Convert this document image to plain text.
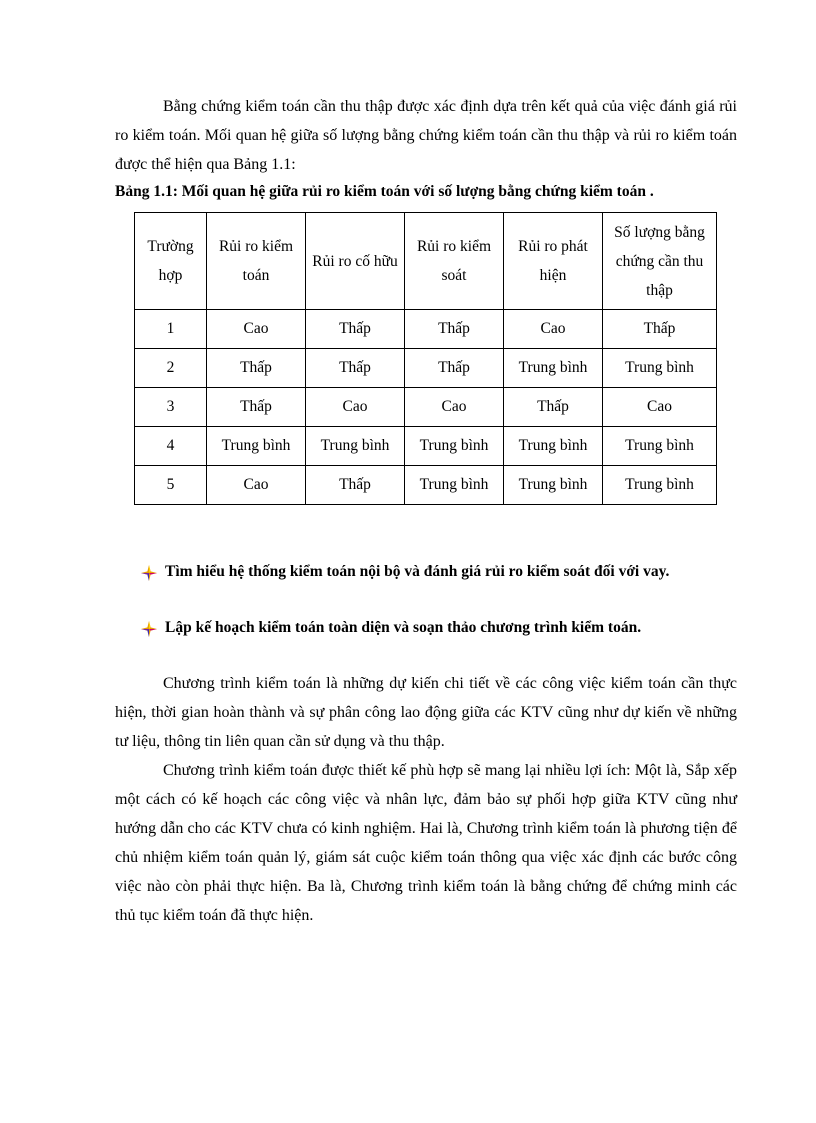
Bằng chứng kiểm toán cần thu thập được xác định dựa trên kết quả của việc đánh giá rủi ro kiểm toán. Mối quan hệ giữa số lượng bằng chứng kiểm toán cần thu thập và rủi ro kiểm toán được thể hiện qua Bảng 1.1:

Bảng 1.1: Mối quan hệ giữa rủi ro kiểm toán với số lượng bằng chứng kiểm toán .

Trường hợp	Rủi ro kiểm toán	Rủi ro cố hữu	Rủi ro kiểm soát	Rủi ro phát hiện	Số lượng bằng chứng cần thu thập
1	Cao	Thấp	Thấp	Cao	Thấp
2	Thấp	Thấp	Thấp	Trung bình	Trung bình
3	Thấp	Cao	Cao	Thấp	Cao
4	Trung bình	Trung bình	Trung bình	Trung bình	Trung bình
5	Cao	Thấp	Trung bình	Trung bình	Trung bình
Tìm hiểu hệ thống kiểm toán nội bộ và đánh giá rủi ro kiểm soát đối với vay.
Lập kế hoạch kiểm toán toàn diện và soạn thảo chương trình kiểm toán.

Chương trình kiểm toán là những dự kiến chi tiết về các công việc kiểm toán cần thực hiện, thời gian hoàn thành và sự phân công lao động giữa các KTV cũng như dự kiến về những tư liệu, thông tin liên quan cần sử dụng và thu thập.

Chương trình kiểm toán được thiết kế phù hợp sẽ mang lại nhiều lợi ích: Một là, Sắp xếp một cách có kế hoạch các công việc và nhân lực, đảm bảo sự phối hợp giữa KTV cũng như hướng dẫn cho các KTV chưa có kinh nghiệm. Hai là, Chương trình kiểm toán là phương tiện để chủ nhiệm kiểm toán quản lý, giám sát cuộc kiểm toán thông qua việc xác định các bước công việc nào còn phải thực hiện. Ba là, Chương trình kiểm toán là bằng chứng để chứng minh các thủ tục kiểm toán đã thực hiện.
